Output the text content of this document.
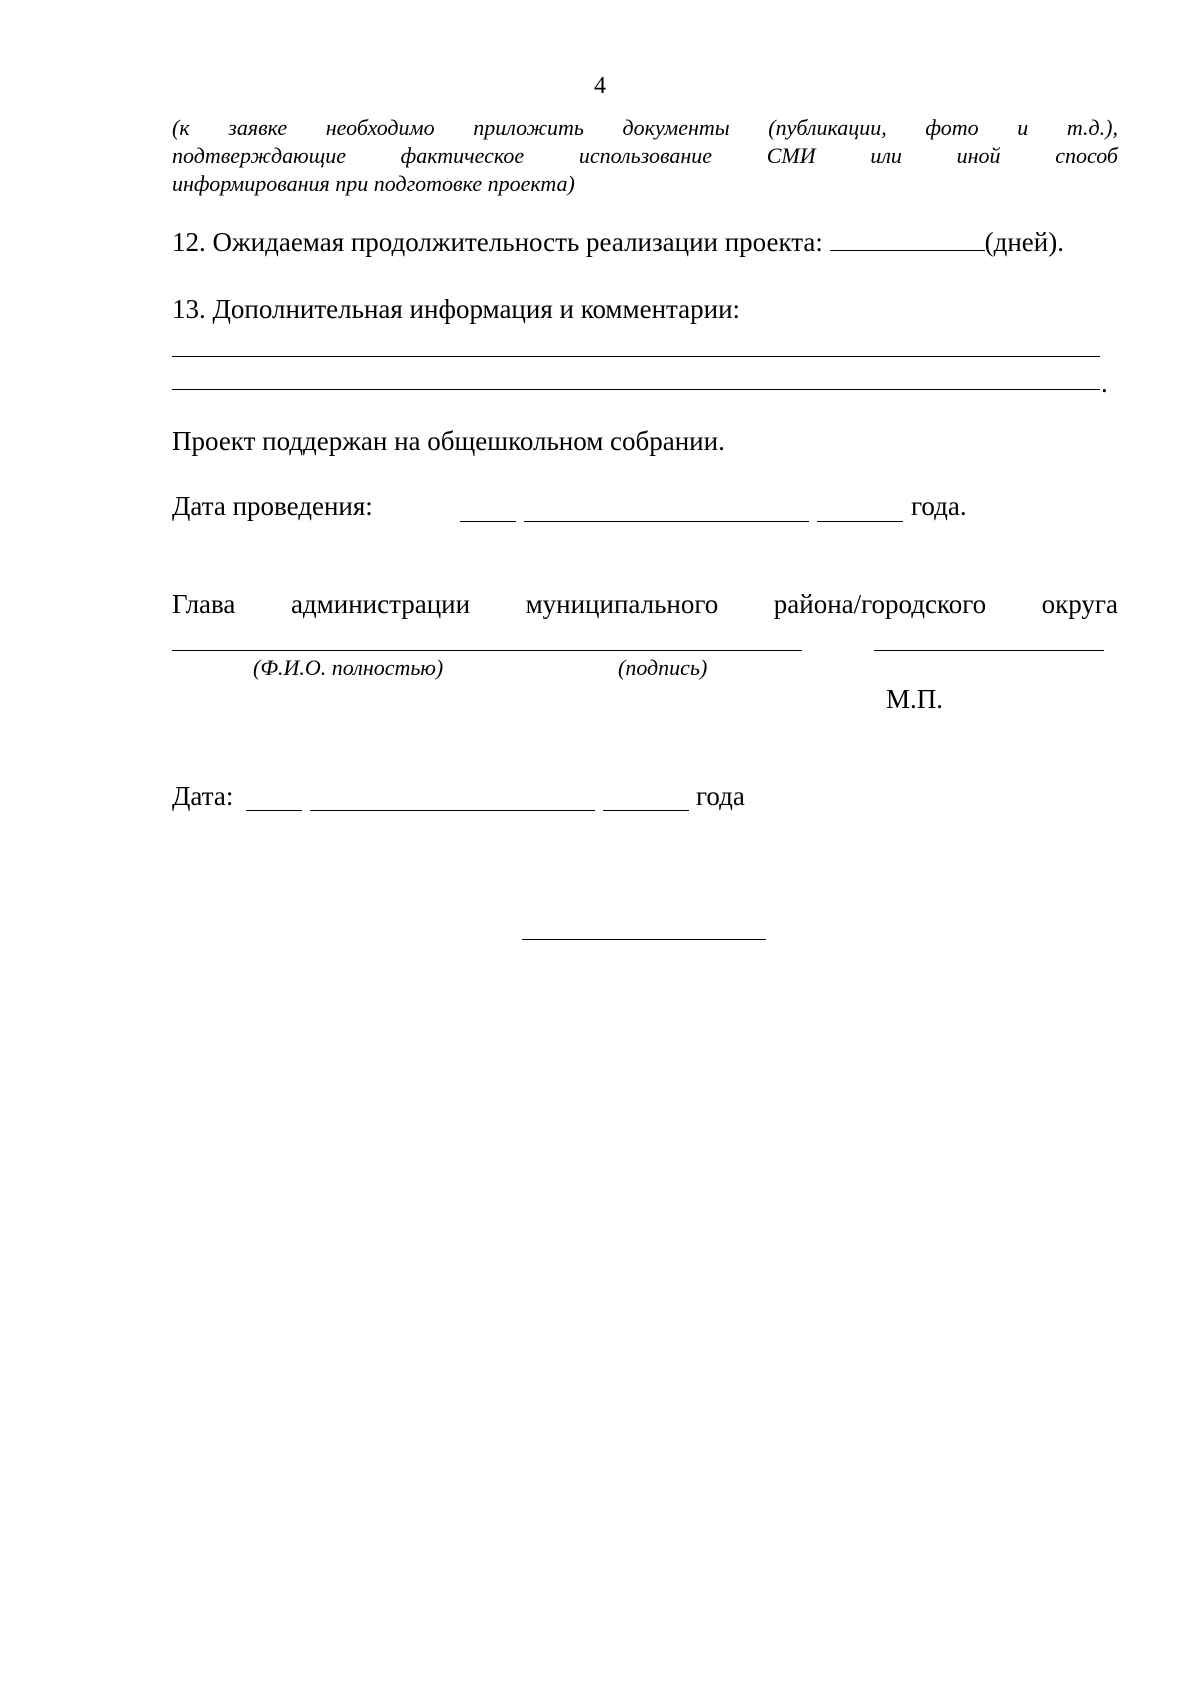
4
(к заявке необходимо приложить документы (публикации, фото и т.д.),
подтверждающие фактическое использование СМИ или иной способ
информирования при подготовке проекта)
12. Ожидаемая продолжительность реализации проекта:	(дней).
13. Дополнительная информация и комментарии:
.
Проект поддержан на общешкольном собрании.
Дата проведения:	года.
Глава администрации муниципального района/городского округа
(Ф.И.О. полностью)	(подпись)
М.П.
Дата:	года
